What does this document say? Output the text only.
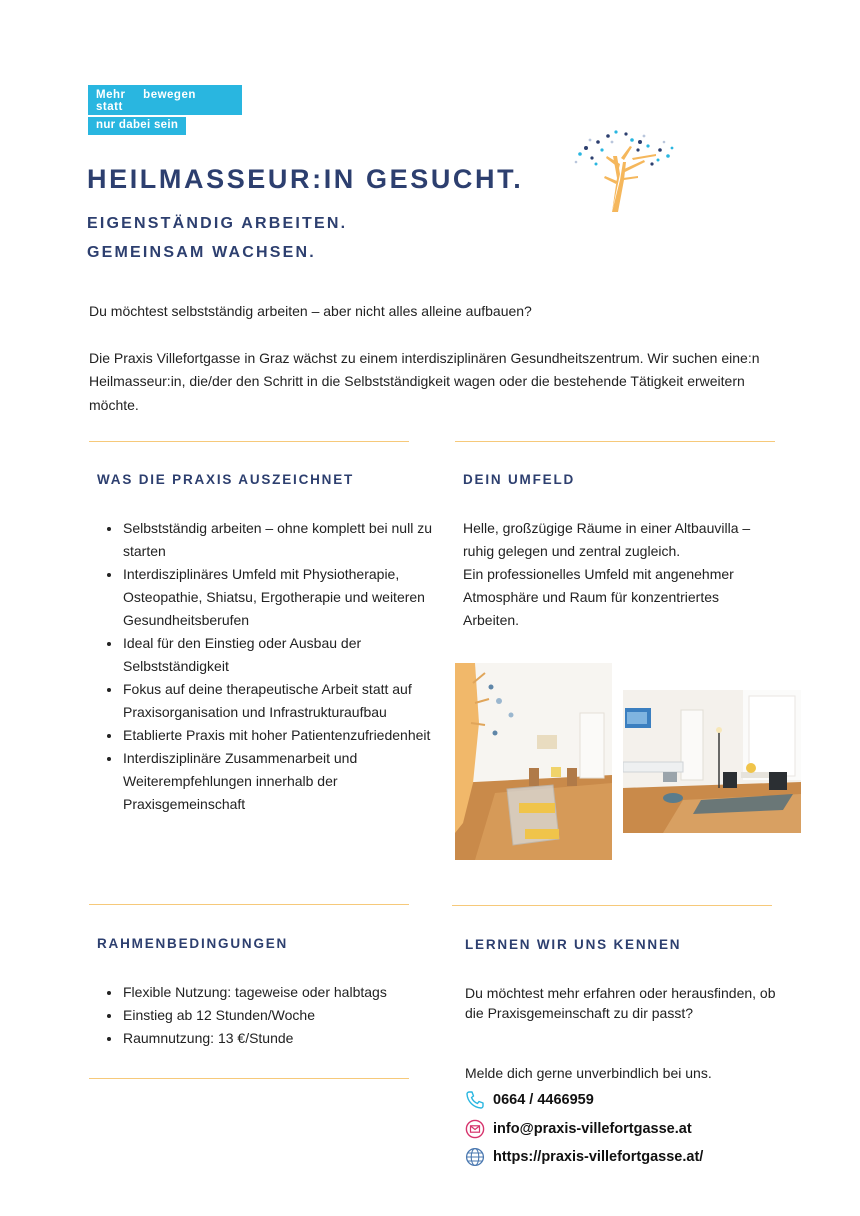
Mehr bewegen statt
nur dabei sein
HEILMASSEUR:IN GESUCHT.
EIGENSTÄNDIG ARBEITEN.
GEMEINSAM WACHSEN.

Du möchtest selbstständig arbeiten – aber nicht alles alleine aufbauen?

Die Praxis Villefortgasse in Graz wächst zu einem interdisziplinären Gesundheitszentrum. Wir suchen eine:n Heilmasseur:in, die/der den Schritt in die Selbstständigkeit wagen oder die bestehende Tätigkeit erweitern möchte.

WAS DIE PRAXIS AUSZEICHNET
• Selbstständig arbeiten – ohne komplett bei null zu starten
• Interdisziplinäres Umfeld mit Physiotherapie, Osteopathie, Shiatsu, Ergotherapie und weiteren Gesundheitsberufen
• Ideal für den Einstieg oder Ausbau der Selbstständigkeit
• Fokus auf deine therapeutische Arbeit statt auf Praxisorganisation und Infrastrukturaufbau
• Etablierte Praxis mit hoher Patientenzufriedenheit
• Interdisziplinäre Zusammenarbeit und Weiterempfehlungen innerhalb der Praxisgemeinschaft
DEIN UMFELD
Helle, großzügige Räume in einer Altbauvilla –
ruhig gelegen und zentral zugleich.
Ein professionelles Umfeld mit angenehmer
Atmosphäre und Raum für konzentriertes
Arbeiten.
RAHMENBEDINGUNGEN
• Flexible Nutzung: tageweise oder halbtags
• Einstieg ab 12 Stunden/Woche
• Raumnutzung: 13 €/Stunde
LERNEN WIR UNS KENNEN
Du möchtest mehr erfahren oder herausfinden, ob die Praxisgemeinschaft zu dir passt?
Melde dich gerne unverbindlich bei uns.
0664 / 4466959
info@praxis-villefortgasse.at
https://praxis-villefortgasse.at/
